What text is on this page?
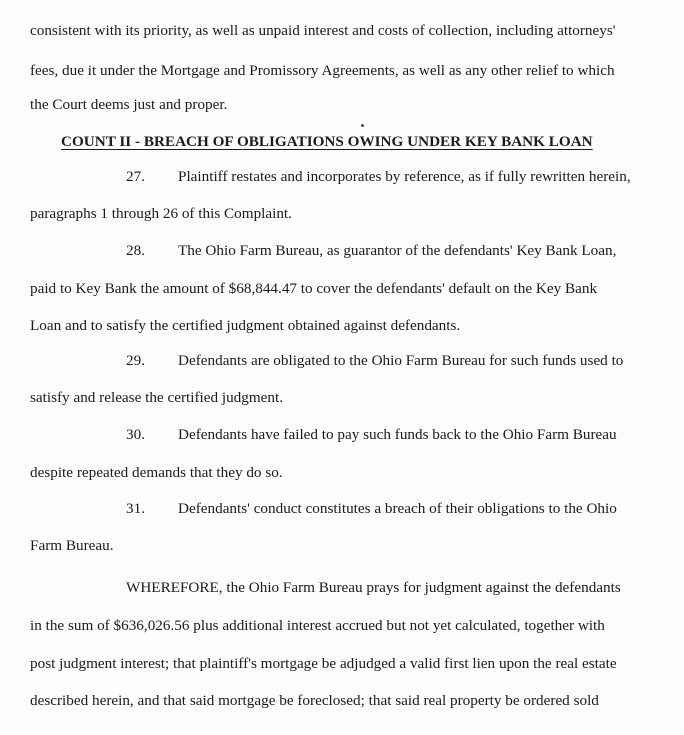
consistent with its priority, as well as unpaid interest and costs of collection, including attorneys'
fees, due it under the Mortgage and Promissory Agreements, as well as any other relief to which
the Court deems just and proper.
COUNT II - BREACH OF OBLIGATIONS OWING UNDER KEY BANK LOAN
27. Plaintiff restates and incorporates by reference, as if fully rewritten herein,
paragraphs 1 through 26 of this Complaint.
28. The Ohio Farm Bureau, as guarantor of the defendants' Key Bank Loan,
paid to Key Bank the amount of $68,844.47 to cover the defendants' default on the Key Bank
Loan and to satisfy the certified judgment obtained against defendants.
29. Defendants are obligated to the Ohio Farm Bureau for such funds used to
satisfy and release the certified judgment.
30. Defendants have failed to pay such funds back to the Ohio Farm Bureau
despite repeated demands that they do so.
31. Defendants' conduct constitutes a breach of their obligations to the Ohio
Farm Bureau.
WHEREFORE, the Ohio Farm Bureau prays for judgment against the defendants
in the sum of $636,026.56 plus additional interest accrued but not yet calculated, together with
post judgment interest; that plaintiff's mortgage be adjudged a valid first lien upon the real estate
described herein, and that said mortgage be foreclosed; that said real property be ordered sold
